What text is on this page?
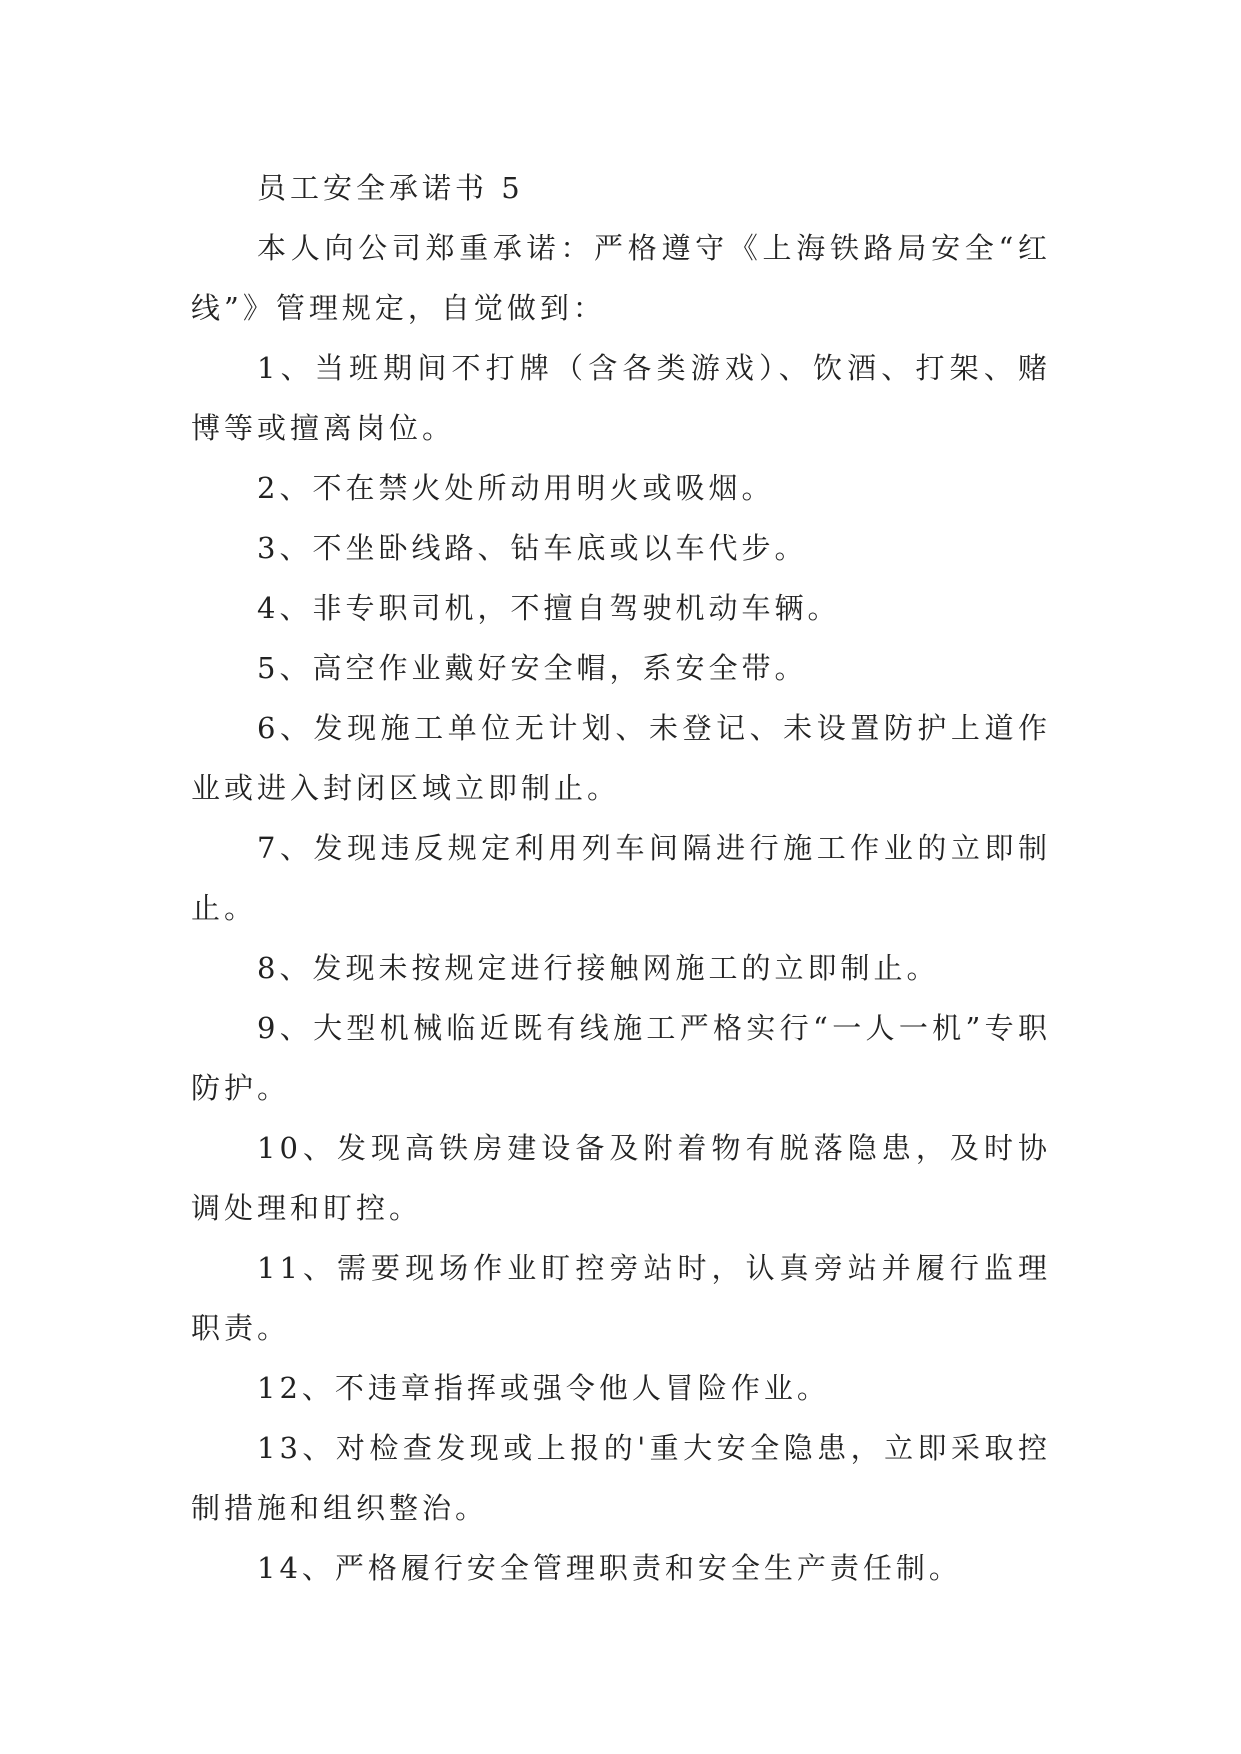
员工安全承诺书 5

本人向公司郑重承诺：严格遵守《上海铁路局安全“红线”》管理规定，自觉做到：

1、当班期间不打牌（含各类游戏）、饮酒、打架、赌博等或擅离岗位。

2、不在禁火处所动用明火或吸烟。

3、不坐卧线路、钻车底或以车代步。

4、非专职司机，不擅自驾驶机动车辆。

5、高空作业戴好安全帽，系安全带。

6、发现施工单位无计划、未登记、未设置防护上道作业或进入封闭区域立即制止。

7、发现违反规定利用列车间隔进行施工作业的立即制止。

8、发现未按规定进行接触网施工的立即制止。

9、大型机械临近既有线施工严格实行“一人一机”专职防护。

10、发现高铁房建设备及附着物有脱落隐患，及时协调处理和盯控。

11、需要现场作业盯控旁站时，认真旁站并履行监理职责。

12、不违章指挥或强令他人冒险作业。

13、对检查发现或上报的'重大安全隐患，立即采取控制措施和组织整治。

14、严格履行安全管理职责和安全生产责任制。
